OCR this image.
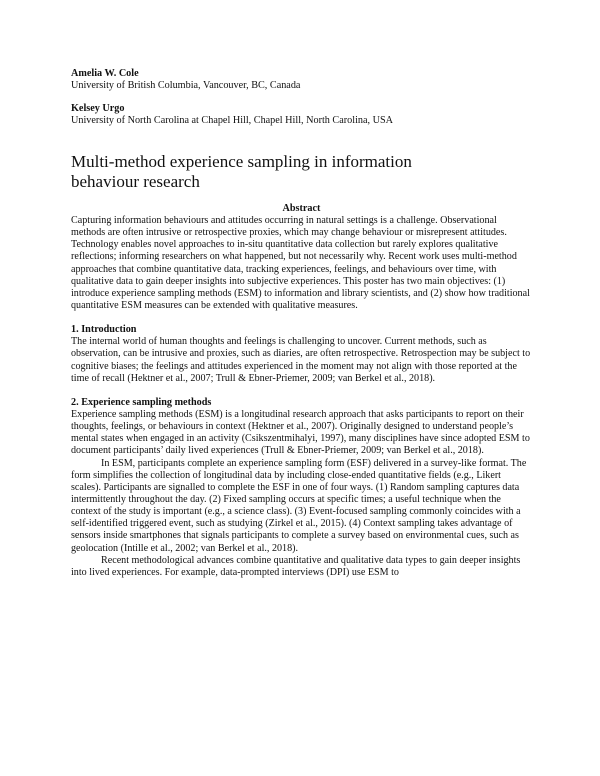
Amelia W. Cole
University of British Columbia, Vancouver, BC, Canada
Kelsey Urgo
University of North Carolina at Chapel Hill, Chapel Hill, North Carolina, USA
Multi-method experience sampling in information behaviour research
Abstract

Capturing information behaviours and attitudes occurring in natural settings is a challenge. Observational methods are often intrusive or retrospective proxies, which may change behaviour or misrepresent attitudes. Technology enables novel approaches to in-situ quantitative data collection but rarely explores qualitative reflections; informing researchers on what happened, but not necessarily why. Recent work uses multi-method approaches that combine quantitative data, tracking experiences, feelings, and behaviours over time, with qualitative data to gain deeper insights into subjective experiences. This poster has two main objectives: (1) introduce experience sampling methods (ESM) to information and library scientists, and (2) show how traditional quantitative ESM measures can be extended with qualitative measures.

1. Introduction

The internal world of human thoughts and feelings is challenging to uncover. Current methods, such as observation, can be intrusive and proxies, such as diaries, are often retrospective. Retrospection may be subject to cognitive biases; the feelings and attitudes experienced in the moment may not align with those reported at the time of recall (Hektner et al., 2007; Trull & Ebner-Priemer, 2009; van Berkel et al., 2018).

2. Experience sampling methods

Experience sampling methods (ESM) is a longitudinal research approach that asks participants to report on their thoughts, feelings, or behaviours in context (Hektner et al., 2007). Originally designed to understand people’s mental states when engaged in an activity (Csikszentmihalyi, 1997), many disciplines have since adopted ESM to document participants’ daily lived experiences (Trull & Ebner-Priemer, 2009; van Berkel et al., 2018).

In ESM, participants complete an experience sampling form (ESF) delivered in a survey-like format. The form simplifies the collection of longitudinal data by including close-ended quantitative fields (e.g., Likert scales). Participants are signalled to complete the ESF in one of four ways. (1) Random sampling captures data intermittently throughout the day. (2) Fixed sampling occurs at specific times; a useful technique when the context of the study is important (e.g., a science class). (3) Event-focused sampling commonly coincides with a self-identified triggered event, such as studying (Zirkel et al., 2015). (4) Context sampling takes advantage of sensors inside smartphones that signals participants to complete a survey based on environmental cues, such as geolocation (Intille et al., 2002; van Berkel et al., 2018).

Recent methodological advances combine quantitative and qualitative data types to gain deeper insights into lived experiences. For example, data-prompted interviews (DPI) use ESM to
